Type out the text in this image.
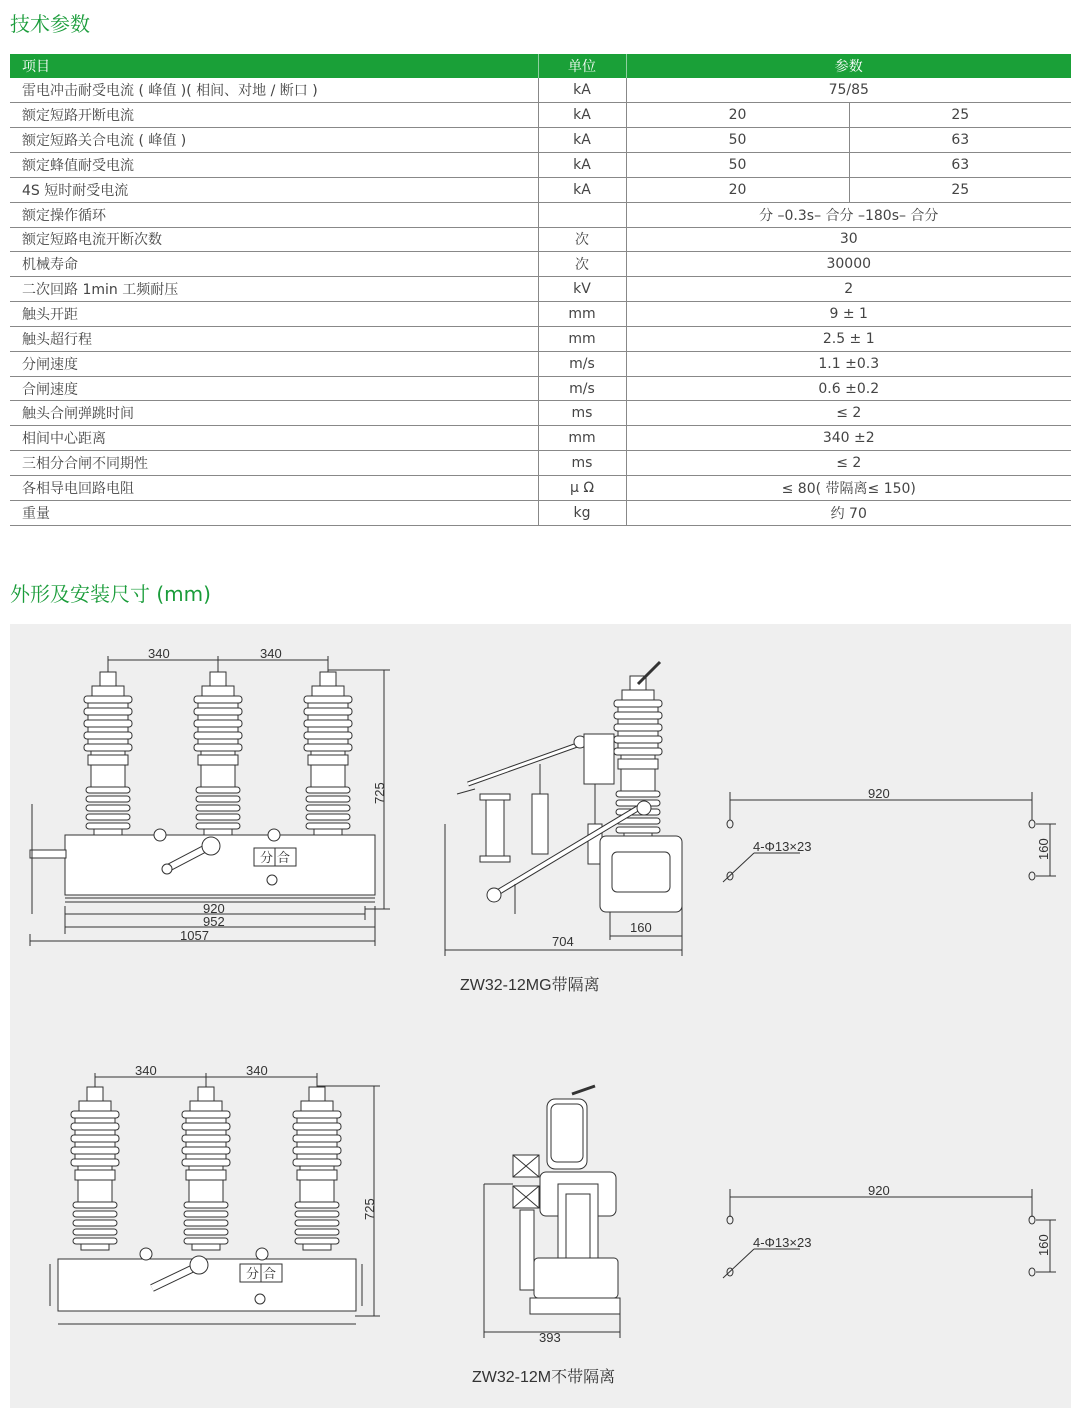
技术参数
项目	单位	参数	
雷电冲击耐受电流 ( 峰值 )( 相间、对地 / 断口 )	kA	75/85	
额定短路开断电流	kA	20	25
额定短路关合电流 ( 峰值 )	kA	50	63
额定蜂值耐受电流	kA	50	63
4S 短时耐受电流	kA	20	25
额定操作循环		分 –0.3s– 合分 –180s– 合分	
额定短路电流开断次数	次	30	
机械寿命	次	30000	
二次回路 1min 工频耐压	kV	2	
触头开距	mm	9 ± 1	
触头超行程	mm	2.5 ± 1	
分闸速度	m/s	1.1 ±0.3	
合闸速度	m/s	0.6 ±0.2	
触头合闸弹跳时间	ms	≤ 2	
相间中心距离	mm	340 ±2	
三相分合闸不同期性	ms	≤ 2	
各相导电回路电阻	μ Ω	≤ 80( 带隔离≤ 150)	
重量	kg	约 70	
外形及安装尺寸 (mm)
340	340
725
分 合
920
952
1057	704
160
920
160
4-Φ13×23
ZW32-12MG带隔离
340	340
725
分 合
393
920
160
4-Φ13×23
ZW32-12M不带隔离
